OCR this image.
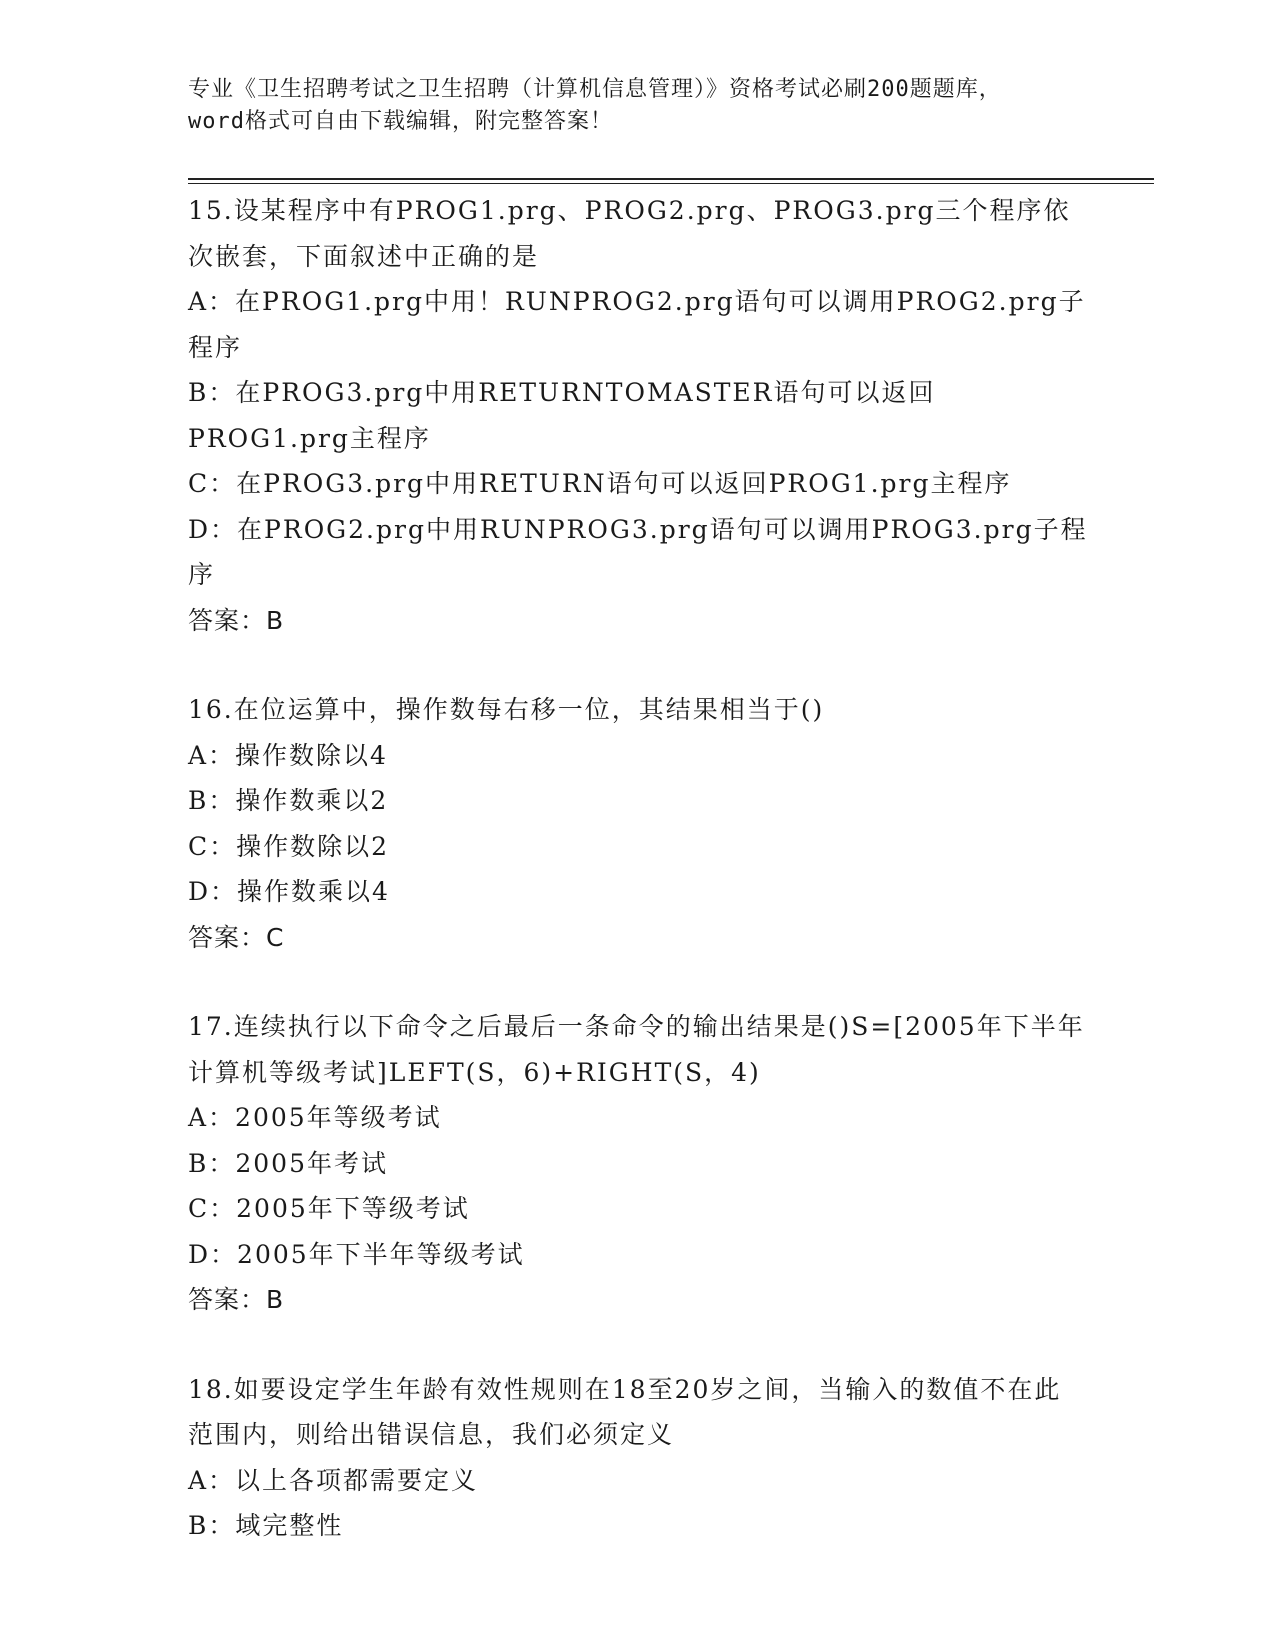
专业《卫生招聘考试之卫生招聘（计算机信息管理）》资格考试必刷200题题库，
word格式可自由下载编辑，附完整答案！
15.设某程序中有PROG1.prg、PROG2.prg、PROG3.prg三个程序依次嵌套，下面叙述中正确的是
A：在PROG1.prg中用！RUNPROG2.prg语句可以调用PROG2.prg子程序
B：在PROG3.prg中用RETURNTOMASTER语句可以返回PROG1.prg主程序
C：在PROG3.prg中用RETURN语句可以返回PROG1.prg主程序
D：在PROG2.prg中用RUNPROG3.prg语句可以调用PROG3.prg子程序
答案：B
16.在位运算中，操作数每右移一位，其结果相当于()
A：操作数除以4
B：操作数乘以2
C：操作数除以2
D：操作数乘以4
答案：C
17.连续执行以下命令之后最后一条命令的输出结果是()S=[2005年下半年计算机等级考试]LEFT(S，6)+RIGHT(S，4)
A：2005年等级考试
B：2005年考试
C：2005年下等级考试
D：2005年下半年等级考试
答案：B
18.如要设定学生年龄有效性规则在18至20岁之间，当输入的数值不在此范围内，则给出错误信息，我们必须定义
A：以上各项都需要定义
B：域完整性
